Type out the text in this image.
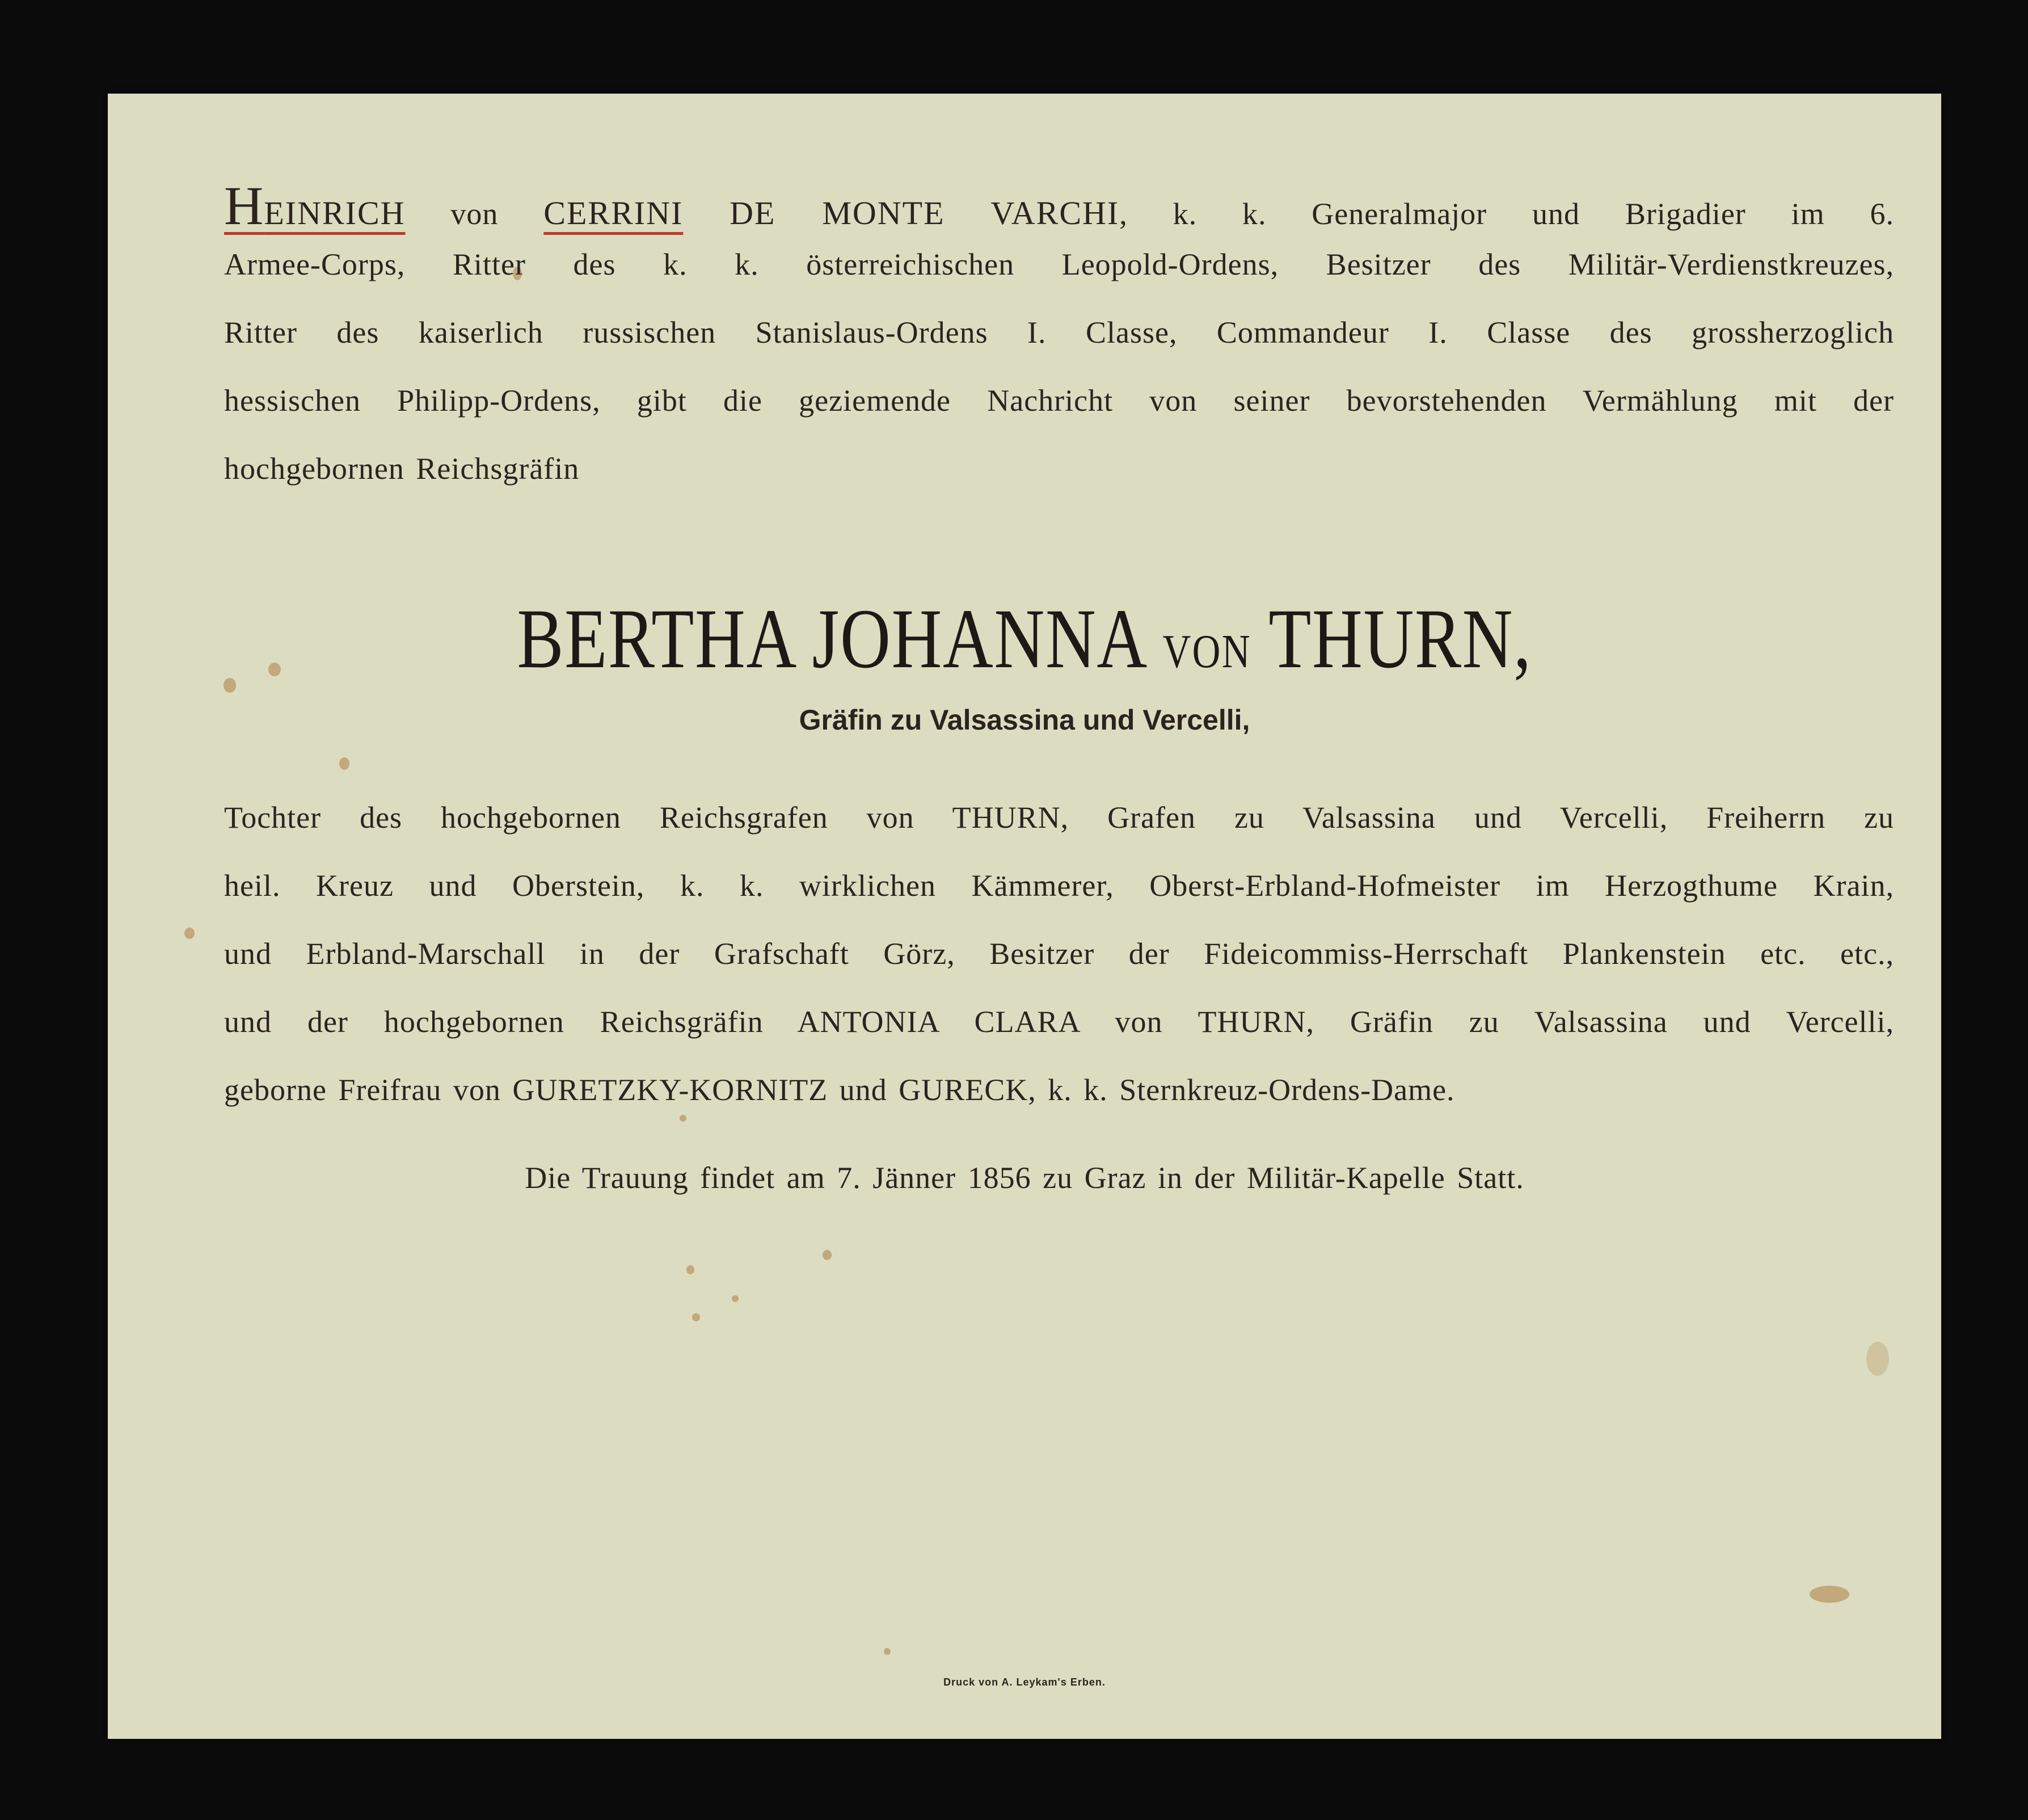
HEINRICH von CERRINI DE MONTE VARCHI, k. k. Generalmajor und Brigadier im 6.
Armee-Corps, Ritter des k. k. österreichischen Leopold-Ordens, Besitzer des Militär-Verdienstkreuzes,
Ritter des kaiserlich russischen Stanislaus-Ordens I. Classe, Commandeur I. Classe des grossherzoglich
hessischen Philipp-Ordens, gibt die geziemende Nachricht von seiner bevorstehenden Vermählung mit der
hochgebornen Reichsgräfin
BERTHA JOHANNA VON THURN,
Gräfin zu Valsassina und Vercelli,
Tochter des hochgebornen Reichsgrafen von THURN, Grafen zu Valsassina und Vercelli, Freiherrn zu
heil. Kreuz und Oberstein, k. k. wirklichen Kämmerer, Oberst-Erbland-Hofmeister im Herzogthume Krain,
und Erbland-Marschall in der Grafschaft Görz, Besitzer der Fideicommiss-Herrschaft Plankenstein etc. etc.,
und der hochgebornen Reichsgräfin ANTONIA CLARA von THURN, Gräfin zu Valsassina und Vercelli,
geborne Freifrau von GURETZKY-KORNITZ und GURECK, k. k. Sternkreuz-Ordens-Dame.
Die Trauung findet am 7. Jänner 1856 zu Graz in der Militär-Kapelle Statt.
Druck von A. Leykam's Erben.
